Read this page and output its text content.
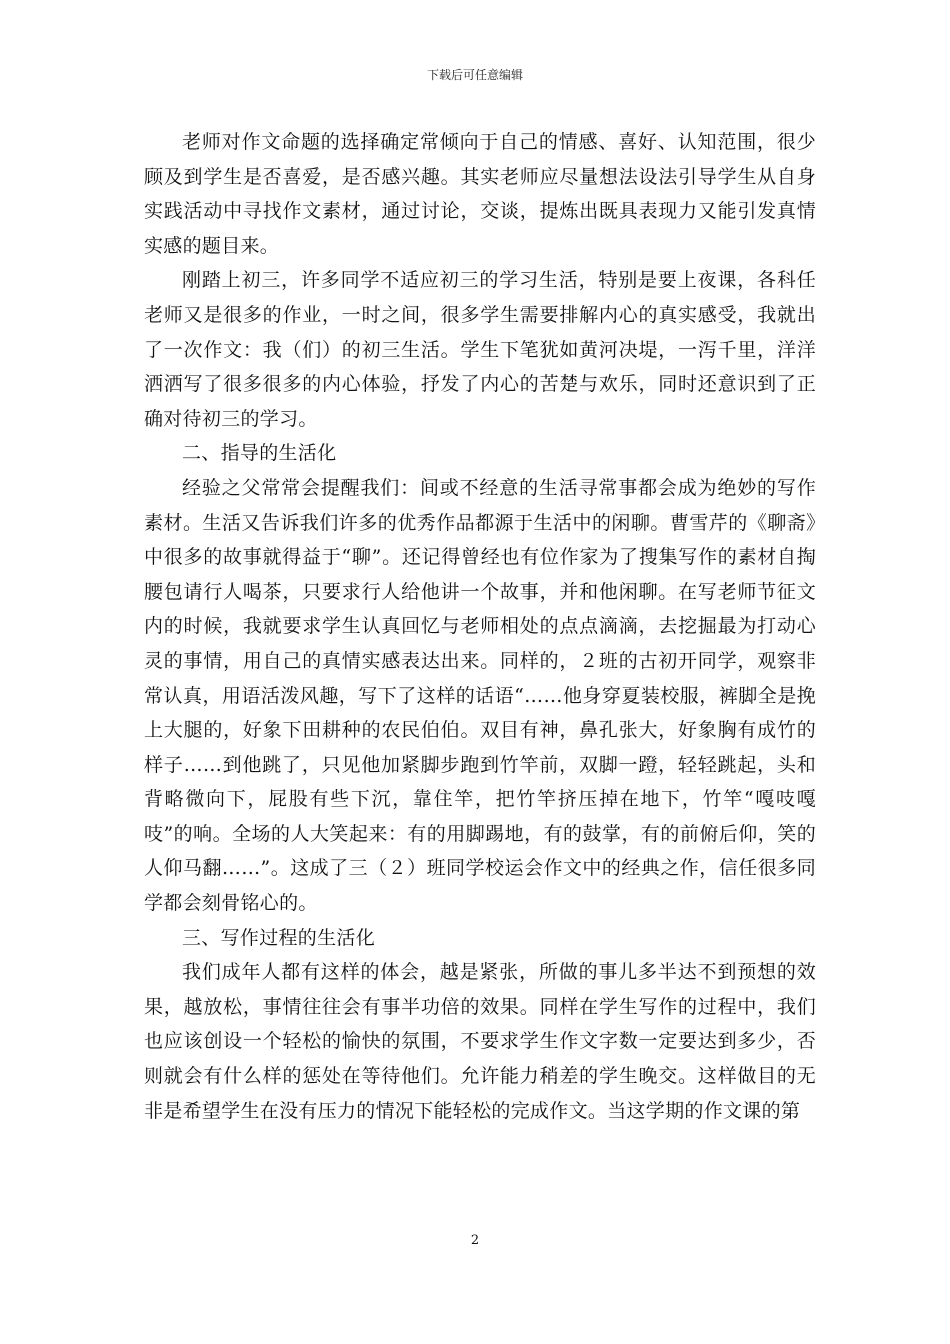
下载后可任意编辑

老师对作文命题的选择确定常倾向于自己的情感、喜好、认知范围，很少顾及到学生是否喜爱，是否感兴趣。其实老师应尽量想法设法引导学生从自身实践活动中寻找作文素材，通过讨论，交谈，提炼出既具表现力又能引发真情实感的题目来。

刚踏上初三，许多同学不适应初三的学习生活，特别是要上夜课，各科任老师又是很多的作业，一时之间，很多学生需要排解内心的真实感受，我就出了一次作文：我（们）的初三生活。学生下笔犹如黄河决堤，一泻千里，洋洋洒洒写了很多很多的内心体验，抒发了内心的苦楚与欢乐，同时还意识到了正确对待初三的学习。

二、指导的生活化

经验之父常常会提醒我们：间或不经意的生活寻常事都会成为绝妙的写作素材。生活又告诉我们许多的优秀作品都源于生活中的闲聊。曹雪芹的《聊斋》中很多的故事就得益于“聊”。还记得曾经也有位作家为了搜集写作的素材自掏腰包请行人喝茶，只要求行人给他讲一个故事，并和他闲聊。在写老师节征文内的时候，我就要求学生认真回忆与老师相处的点点滴滴，去挖掘最为打动心灵的事情，用自己的真情实感表达出来。同样的，２班的古初开同学，观察非常认真，用语活泼风趣，写下了这样的话语“……他身穿夏装校服，裤脚全是挽上大腿的，好象下田耕种的农民伯伯。双目有神，鼻孔张大，好象胸有成竹的样子……到他跳了，只见他加紧脚步跑到竹竿前，双脚一蹬，轻轻跳起，头和背略微向下，屁股有些下沉，靠住竿，把竹竿挤压掉在地下，竹竿“嘎吱嘎吱”的响。全场的人大笑起来：有的用脚踢地，有的鼓掌，有的前俯后仰，笑的人仰马翻……”。这成了三（２）班同学校运会作文中的经典之作，信任很多同学都会刻骨铭心的。

三、写作过程的生活化

我们成年人都有这样的体会，越是紧张，所做的事儿多半达不到预想的效果，越放松，事情往往会有事半功倍的效果。同样在学生写作的过程中，我们也应该创设一个轻松的愉快的氛围，不要求学生作文字数一定要达到多少，否则就会有什么样的惩处在等待他们。允许能力稍差的学生晚交。这样做目的无非是希望学生在没有压力的情况下能轻松的完成作文。当这学期的作文课的第

2
